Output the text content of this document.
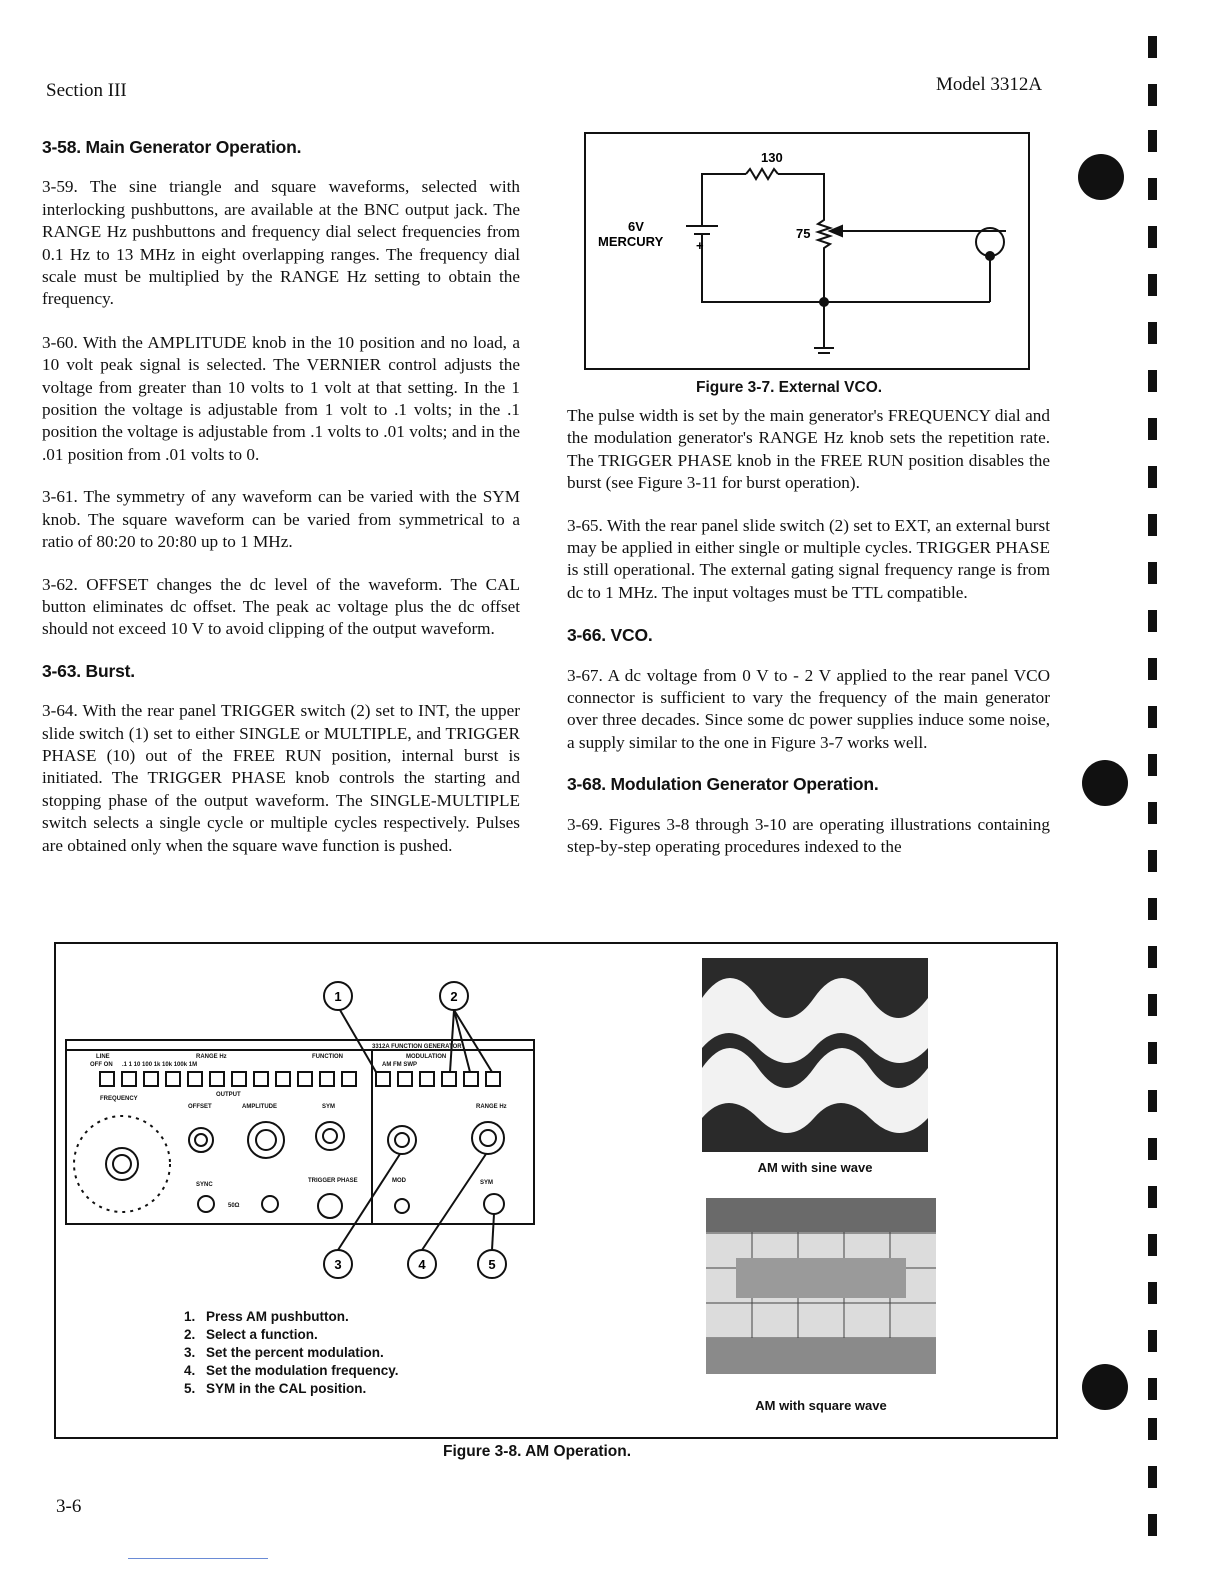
Section III	Model 3312A
3-58. Main Generator Operation.

3-59. The sine triangle and square waveforms, selected with interlocking pushbuttons, are available at the BNC output jack. The RANGE Hz pushbuttons and frequency dial select frequencies from 0.1 Hz to 13 MHz in eight overlapping ranges. The frequency dial scale must be multiplied by the RANGE Hz setting to obtain the frequency.

3-60. With the AMPLITUDE knob in the 10 position and no load, a 10 volt peak signal is selected. The VERNIER control adjusts the voltage from greater than 10 volts to 1 volt at that setting. In the 1 position the voltage is adjustable from 1 volt to .1 volts; in the .1 position the voltage is adjustable from .1 volts to .01 volts; and in the .01 position from .01 volts to 0.

3-61. The symmetry of any waveform can be varied with the SYM knob. The square waveform can be varied from symmetrical to a ratio of 80:20 to 20:80 up to 1 MHz.

3-62. OFFSET changes the dc level of the waveform. The CAL button eliminates dc offset. The peak ac voltage plus the dc offset should not exceed 10 V to avoid clipping of the output waveform.

3-63. Burst.

3-64. With the rear panel TRIGGER switch (2) set to INT, the upper slide switch (1) set to either SINGLE or MULTIPLE, and TRIGGER PHASE (10) out of the FREE RUN position, internal burst is initiated. The TRIGGER PHASE knob controls the starting and stopping phase of the output waveform. The SINGLE-MULTIPLE switch selects a single cycle or multiple cycles respectively. Pulses are obtained only when the square wave function is pushed.

130
6V
MERCURY	+
75
Figure 3-7. External VCO.

The pulse width is set by the main generator's FREQUENCY dial and the modulation generator's RANGE Hz knob sets the repetition rate. The TRIGGER PHASE knob in the FREE RUN position disables the burst (see Figure 3-11 for burst operation).

3-65. With the rear panel slide switch (2) set to EXT, an external burst may be applied in either single or multiple cycles. TRIGGER PHASE is still operational. The external gating signal frequency range is from dc to 1 MHz. The input voltages must be TTL compatible.

3-66. VCO.

3-67. A dc voltage from 0 V to - 2 V applied to the rear panel VCO connector is sufficient to vary the frequency of the main generator over three decades. Since some dc power supplies induce some noise, a supply similar to the one in Figure 3-7 works well.

3-68. Modulation Generator Operation.

3-69. Figures 3-8 through 3-10 are operating illustrations containing step-by-step operating procedures indexed to the

1	2
3	4	5
3312A FUNCTION GENERATOR
LINE
OFF ON
RANGE Hz
.1 1 10 100 1k 10k 100k 1M
FUNCTION	MODULATION
AM FM SWP
FREQUENCY
OUTPUT
OFFSET	AMPLITUDE	SYM
SYNC
TRIGGER PHASE	MOD
RANGE Hz
SYM
50Ω
1. Press AM pushbutton.
2. Select a function.
3. Set the percent modulation.
4. Set the modulation frequency.
5. SYM in the CAL position.
AM with sine wave
AM with square wave
Figure 3-8. AM Operation.
3-6
